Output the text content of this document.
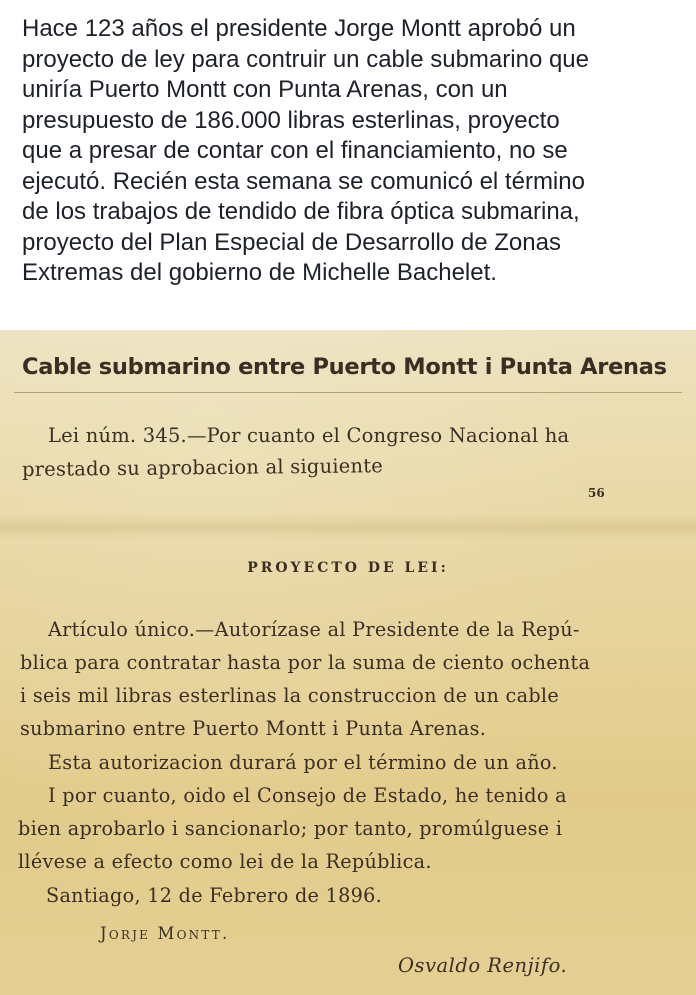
Hace 123 años el presidente Jorge Montt aprobó un
proyecto de ley para contruir un cable submarino que
uniría Puerto Montt con Punta Arenas, con un
presupuesto de 186.000 libras esterlinas, proyecto
que a presar de contar con el financiamiento, no se
ejecutó. Recién esta semana se comunicó el término
de los trabajos de tendido de fibra óptica submarina,
proyecto del Plan Especial de Desarrollo de Zonas
Extremas del gobierno de Michelle Bachelet.
Cable submarino entre Puerto Montt i Punta Arenas
Lei núm. 345.—Por cuanto el Congreso Nacional ha
prestado su aprobacion al siguiente
56
PROYECTO DE LEI:
Artículo único.—Autorízase al Presidente de la Repú-
blica para contratar hasta por la suma de ciento ochenta
i seis mil libras esterlinas la construccion de un cable
submarino entre Puerto Montt i Punta Arenas.
Esta autorizacion durará por el término de un año.
I por cuanto, oido el Consejo de Estado, he tenido a
bien aprobarlo i sancionarlo; por tanto, promúlguese i
llévese a efecto como lei de la República.
Santiago, 12 de Febrero de 1896.
Jorje Montt.
Osvaldo Renjifo.
